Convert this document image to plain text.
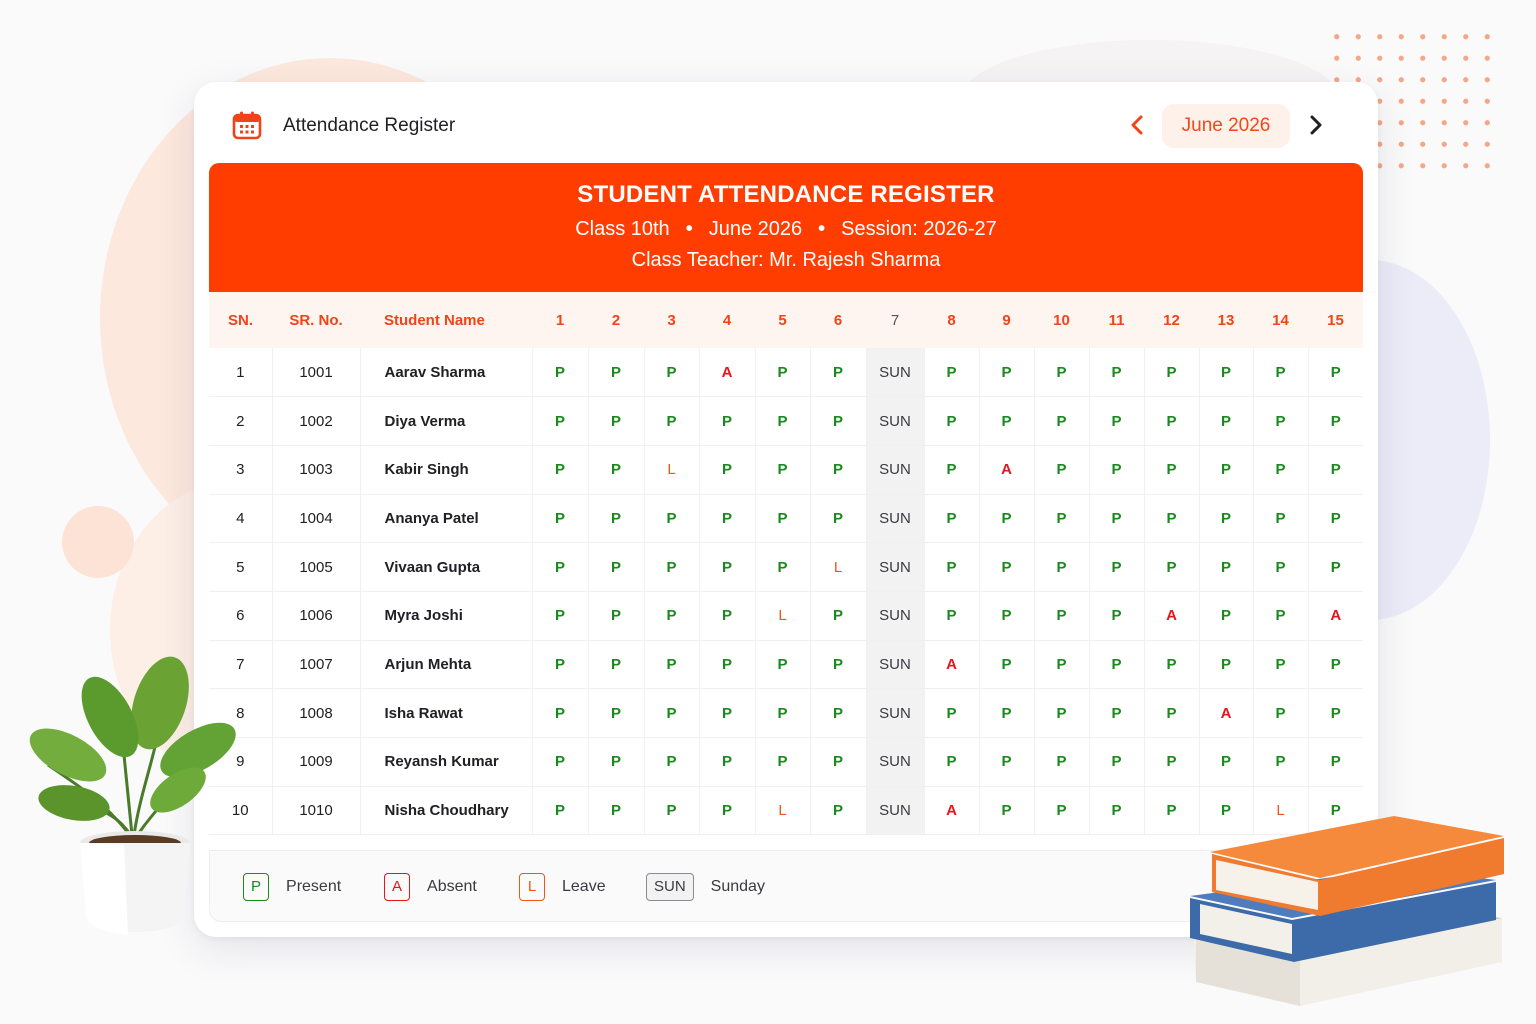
Attendance Register	June 2026
STUDENT ATTENDANCE REGISTER
Class 10th • June 2026 • Session: 2026-27
Class Teacher: Mr. Rajesh Sharma
SN.	SR. No.	Student Name	1	2	3	4	5	6	7	8	9	10	11	12	13	14	15
1	1001	Aarav Sharma	P	P	P	A	P	P	SUN	P	P	P	P	P	P	P	P
2	1002	Diya Verma	P	P	P	P	P	P	SUN	P	P	P	P	P	P	P	P
3	1003	Kabir Singh	P	P	L	P	P	P	SUN	P	A	P	P	P	P	P	P
4	1004	Ananya Patel	P	P	P	P	P	P	SUN	P	P	P	P	P	P	P	P
5	1005	Vivaan Gupta	P	P	P	P	P	L	SUN	P	P	P	P	P	P	P	P
6	1006	Myra Joshi	P	P	P	P	L	P	SUN	P	P	P	P	A	P	P	A
7	1007	Arjun Mehta	P	P	P	P	P	P	SUN	A	P	P	P	P	P	P	P
8	1008	Isha Rawat	P	P	P	P	P	P	SUN	P	P	P	P	P	A	P	P
9	1009	Reyansh Kumar	P	P	P	P	P	P	SUN	P	P	P	P	P	P	P	P
10	1010	Nisha Choudhary	P	P	P	P	L	P	SUN	A	P	P	P	P	P	L	P
P	Present	A	Absent	L	Leave	SUN	Sunday
